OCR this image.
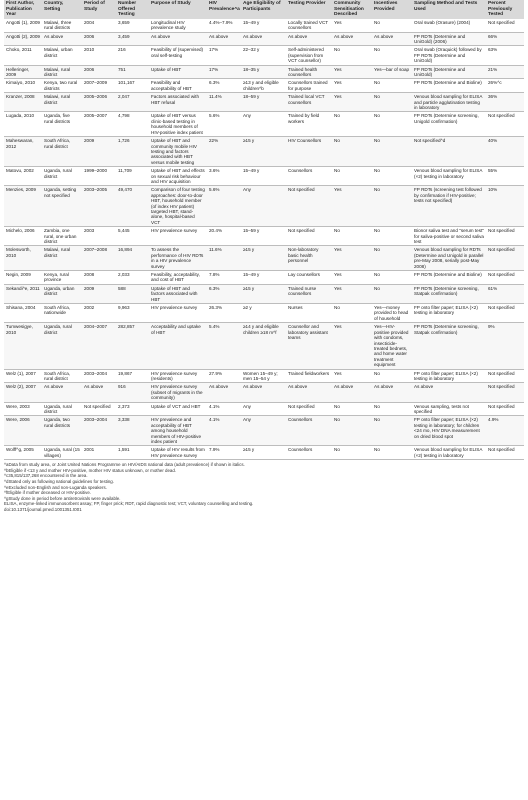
First Author, Publication Year	Country, Setting	Period of Study	Number Offered Testing	Purpose of Study	HIV Prevalence^a	Age Eligibility of Participants	Testing Provider	Community Sensitisation Described	Incentives Provided	Sampling Method and Tests Used	Percent Previously Tested
Angotti (1), 2009	Malawi, three rural districts	2004	3,659	Longitudinal HIV prevalence study	4.4%–7.9%	15–49 y	Locally trained VCT counsellors	Yes	No	Oral swab (Orasure) (2004)	Not specified
Angotti (2), 2009	As above	2006	3,459	As above	As above	As above	As above	As above	As above	FP RDTs (Determine and UniGold) (2006)	66%
Choko, 2011	Malawi, urban district	2010	216	Feasibility of (supervised) oral self-testing	17%	22–32 y	Self-administered (supervision from VCT counsellor)	No	No	Oral swab (Oraquick) followed by FP RDTs (Determine and UniGold)	63%
Helleringer, 2009	Malawi, rural district	2006	751	Uptake of HBT	17%	18–35 y	Trained health counsellors	Yes	Yes—bar of soap	FP RDTs (Determine and UniGold)	21%
Kimaiyo, 2010	Kenya, two rural districts	2007–2009	101,167	Feasibility and acceptability of HBT	6.3%	≥13 y and eligible children^b	Counsellors trained for purpose	Yes	No	FP RDTs (Determine and Bioline)	26%^c
Kranzer, 2008	Malawi, rural district	2005–2006	2,047	Factors associated with HBT refusal	11.4%	18–59 y	Trained local VCT counsellors	Yes	No	Venous blood sampling for ELISA and particle agglutination testing in laboratory	36%
Lugada, 2010	Uganda, five rural districts	2005–2007	4,798	Uptake of HBT versus clinic-based testing in household members of HIV-positive index patient	5.6%	Any	Trained by field workers	No	No	FP RDTs (Determine screening, Unigold confirmation)	Not specified
Maheswaran, 2012	South Africa, rural district	2009	1,726	Uptake of HBT and community mobile HIV testing and factors associated with HBT versus mobile testing	22%	≥15 y	HIV Counsellors	No	No	Not specified^d	40%
Matovu, 2002	Uganda, rural district	1999–2000	11,709	Uptake of HBT and effects on sexual risk behaviour and HIV acquisition	3.6%	15–49 y	Counsellors	No	No	Venous blood sampling for ELISA (×2) testing in laboratory	55%
Menzies, 2009	Uganda, setting not specified	2003–2005	49,470	Comparison of four testing approaches: door-to-door HBT, household member (of index HIV patient) targeted HBT, stand-alone, hospital-based VCT	5.6%	Any	Not specified	Yes	No	FP RDTs (screening test followed by confirmation if HIV-positive; tests not specified)	10%
Michelo, 2006	Zambia, one rural, one urban district	2003	5,445	HIV prevalence survey	20.4%	15–59 y	Not specified	No	No	Bionor saliva test and "serum test" for saliva-positive or second saliva test	Not specified
Molesworth, 2010	Malawi, rural district	2007–2008	16,894	To assess the performance of HIV RDTs in a HIV prevalence survey	11.6%	≥15 y	Non-laboratory basic health personnel	Yes	No	Venous blood sampling for RDTs (Determine and Unigold in parallel pre-May 2008, serially post-May 2008)	Not specified
Negin, 2009	Kenya, rural province	2008	2,033	Feasibility, acceptability, and cost of HBT	7.8%	15–49 y	Lay counsellors	Yes	No	FP RDTs (Determine and Bioline)	Not specified
Sekandi^e, 2011	Uganda, urban district	2009	588	Uptake of HBT and factors associated with HBT	6.3%	≥15 y	Trained nurse counsellors	Yes	No	FP RDTs (Determine screening, Statpak confirmation)	61%
Shisana, 2004	South Africa, nationwide	2002	9,963	HIV prevalence survey	26.3%	≥2 y	Nurses	No	Yes—money provided to head of household	FP onto filter paper; ELISA (×2) testing in laboratory	Not specified
Tumwesigye, 2010	Uganda, rural district	2004–2007	282,857	Acceptability and uptake of HBT	5.4%	≥14 y and eligible children ≥18 m^f	Counsellor and laboratory assistant teams	Yes	Yes—HIV-positive provided with condoms, insecticide-treated bednets, and home water treatment equipment	FP RDTs (Determine screening, Statpak confirmation)	9%
Welz (1), 2007	South Africa, rural district	2003–2004	19,867	HIV prevalence survey (residents)	27.9%	Women 15–49 y; men 15–54 y	Trained fieldworkers	Yes	No	FP onto filter paper; ELISA (×2) testing in laboratory	Not specified
Welz (2), 2007	As above	As above	916	HIV prevalence survey (subset of migrants in the community)	As above	As above	As above	As above	As above	As above	Not specified
Were, 2003	Uganda, rural district	Not specified	2,373	Uptake of VCT and HBT	4.1%	Any	Not specified	No	No	Venous sampling, tests not specified	Not specified
Were, 2006	Uganda, two rural districts	2003–2004	3,338	HIV prevalence and acceptability of HBT among household members of HIV-positive index patient	4.1%	Any	Counsellors	No	No	FP onto filter paper; ELISA (×2) testing in laboratory; for children <24 mo, HIV DNA measurement on dried blood spot	4.9%
Wolff^g, 2005	Uganda, rural (15 villages)	2001	1,591	Uptake of HIV results from HIV prevalence survey	7.9%	≥15 y	Counsellors	No	No	Venous blood sampling for ELISA (×2) testing in laboratory	Not specified
^aData from study area, or Joint United Nations Programme on HIV/AIDS national data (adult prevalence) if shown in italics.
^bEligible if <13 y and mother HIV-positive, mother HIV status unknown, or mother dead.
^c35,815/137,268 encountered in the area.
^dStated only as following national guidelines for testing.
^eExcluded non-English and non-Luganda speakers.
^fEligible if mother deceased or HIV-positive.
^gStudy done in period before antiretrovirals were available.
ELISA, enzyme-linked immunosorbent assay; FP, finger prick; RDT, rapid diagnostic test; VCT, voluntary counselling and testing.
doi:10.1371/journal.pmed.1001351.t001
